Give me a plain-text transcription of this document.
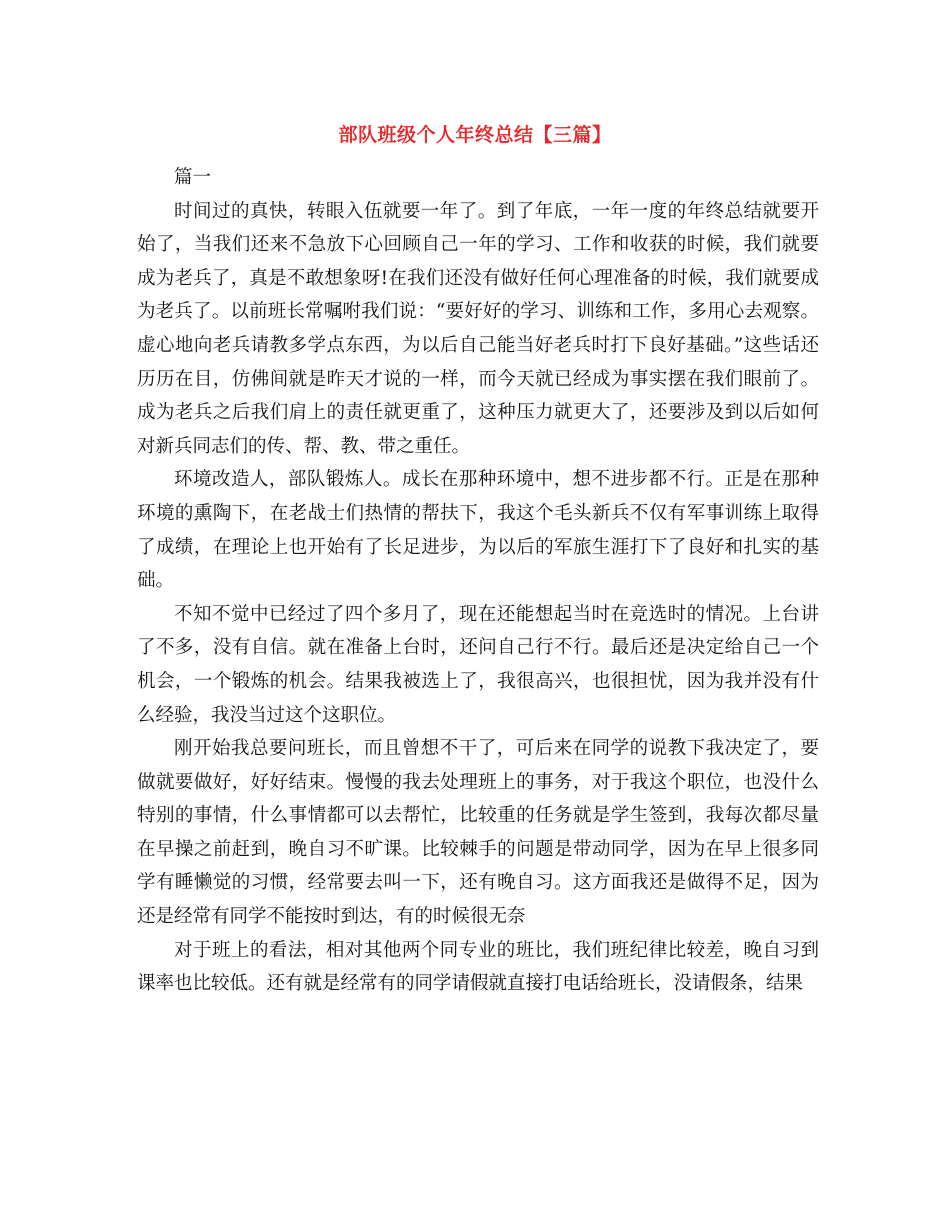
部队班级个人年终总结【三篇】

篇一

时间过的真快，转眼入伍就要一年了。到了年底，一年一度的年终总结就要开始了，当我们还来不急放下心回顾自己一年的学习、工作和收获的时候，我们就要成为老兵了，真是不敢想象呀!在我们还没有做好任何心理准备的时候，我们就要成为老兵了。以前班长常嘱咐我们说：“要好好的学习、训练和工作，多用心去观察。虚心地向老兵请教多学点东西，为以后自己能当好老兵时打下良好基础。”这些话还历历在目，仿佛间就是昨天才说的一样，而今天就已经成为事实摆在我们眼前了。成为老兵之后我们肩上的责任就更重了，这种压力就更大了，还要涉及到以后如何对新兵同志们的传、帮、教、带之重任。

环境改造人，部队锻炼人。成长在那种环境中，想不进步都不行。正是在那种环境的熏陶下，在老战士们热情的帮扶下，我这个毛头新兵不仅有军事训练上取得了成绩，在理论上也开始有了长足进步，为以后的军旅生涯打下了良好和扎实的基础。

不知不觉中已经过了四个多月了，现在还能想起当时在竞选时的情况。上台讲了不多，没有自信。就在准备上台时，还问自己行不行。最后还是决定给自己一个机会，一个锻炼的机会。结果我被选上了，我很高兴，也很担忧，因为我并没有什么经验，我没当过这个这职位。

刚开始我总要问班长，而且曾想不干了，可后来在同学的说教下我决定了，要做就要做好，好好结束。慢慢的我去处理班上的事务，对于我这个职位，也没什么特别的事情，什么事情都可以去帮忙，比较重的任务就是学生签到，我每次都尽量在早操之前赶到，晚自习不旷课。比较棘手的问题是带动同学，因为在早上很多同学有睡懒觉的习惯，经常要去叫一下，还有晚自习。这方面我还是做得不足，因为还是经常有同学不能按时到达，有的时候很无奈

对于班上的看法，相对其他两个同专业的班比，我们班纪律比较差，晚自习到课率也比较低。还有就是经常有的同学请假就直接打电话给班长，没请假条，结果
